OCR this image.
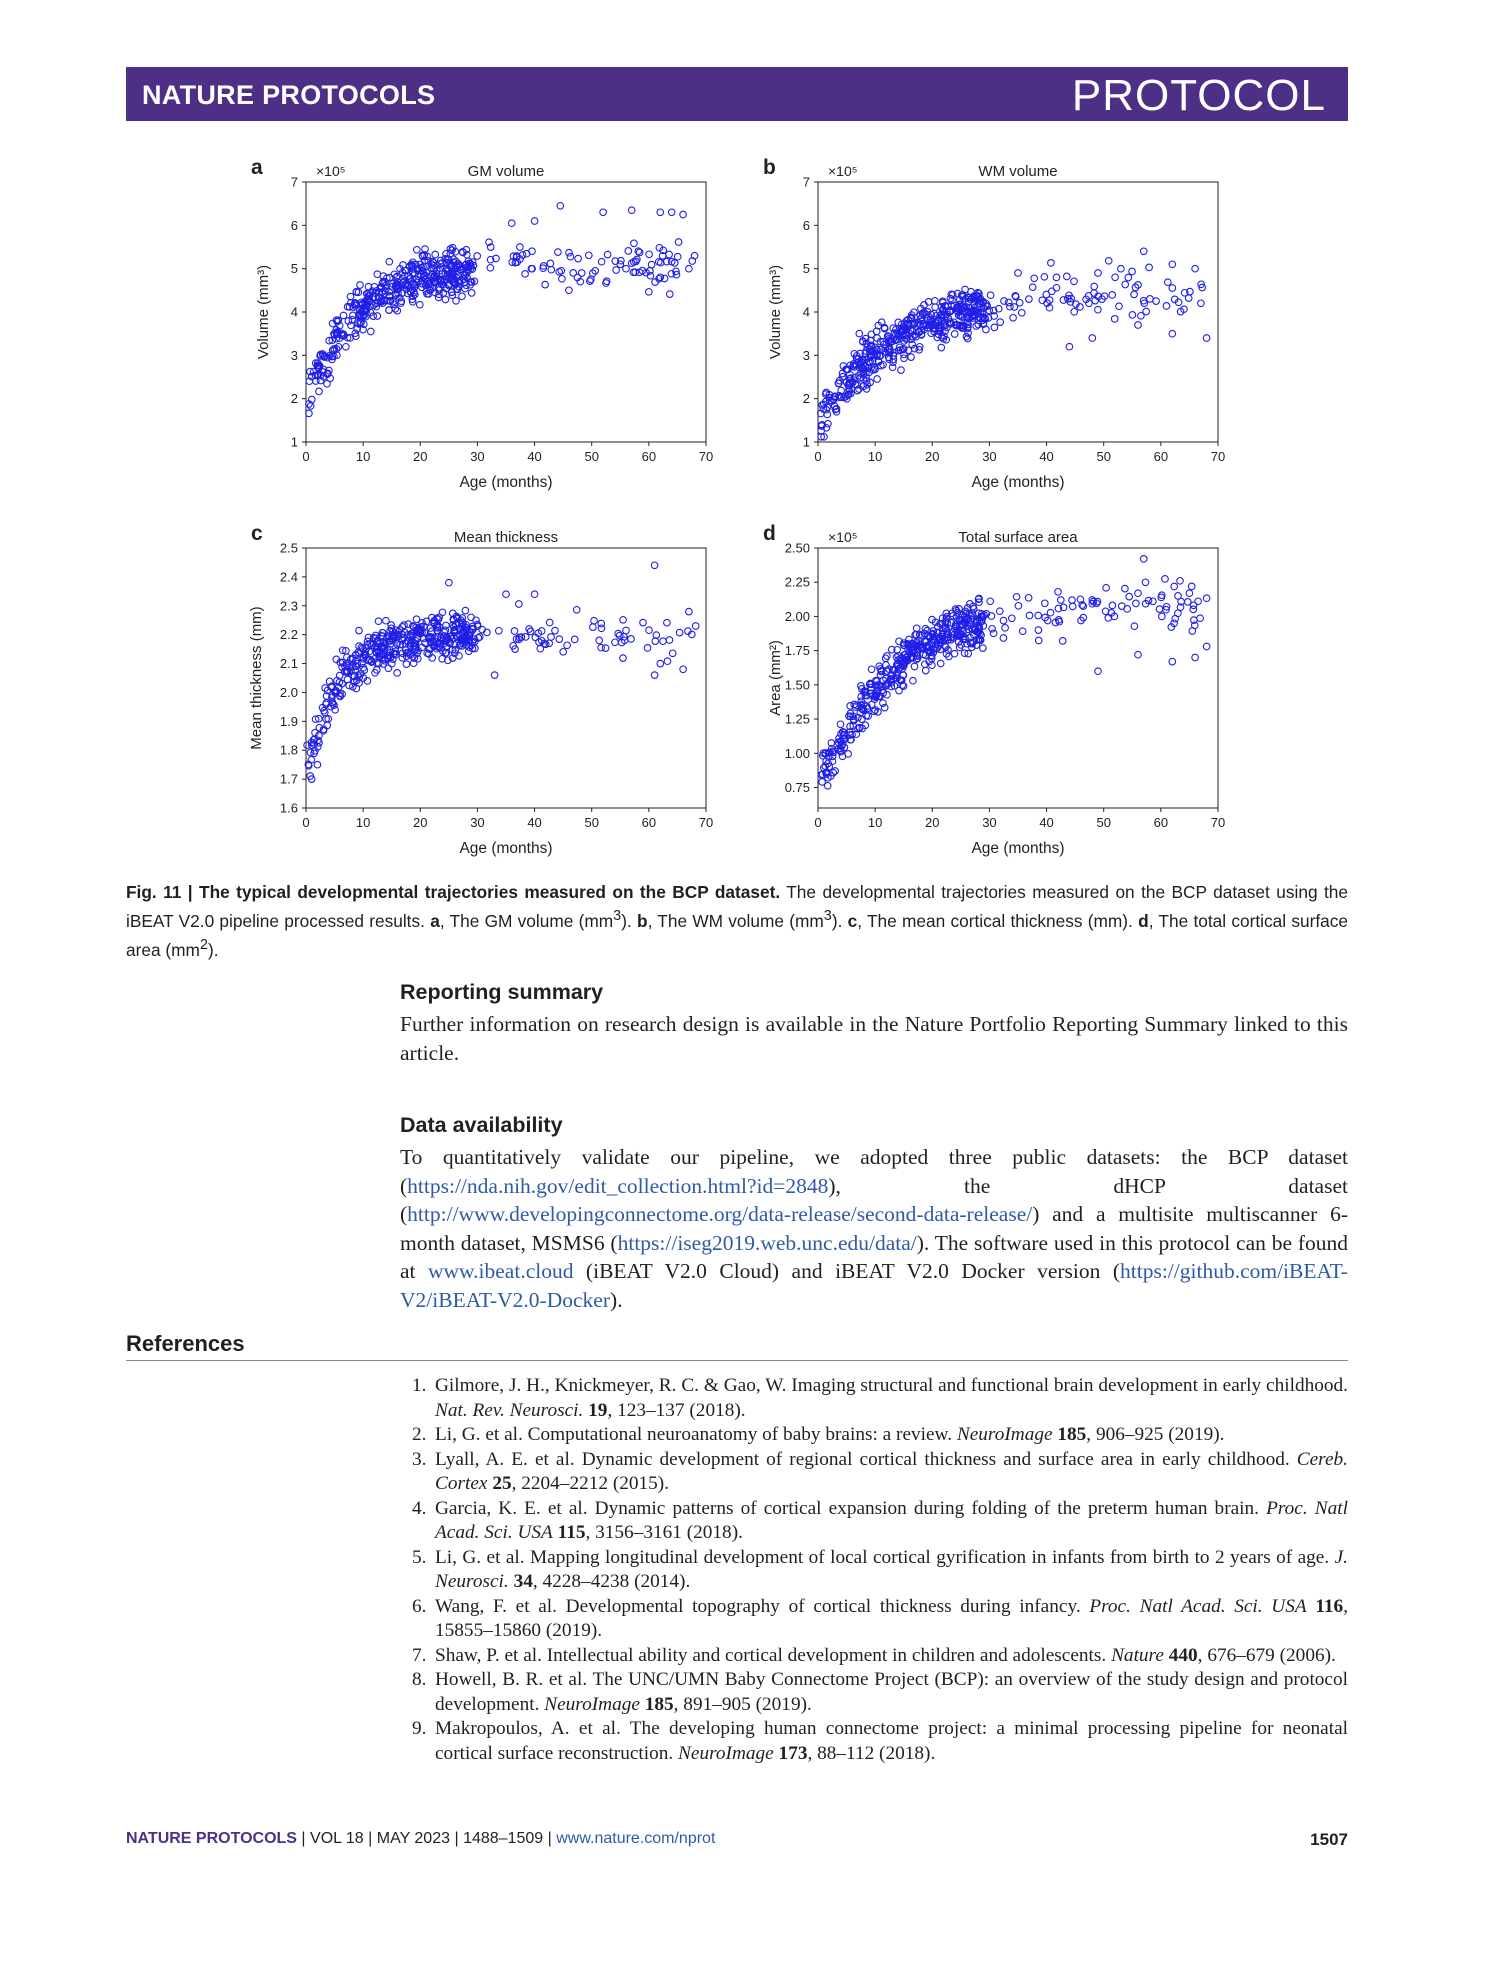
NATURE PROTOCOLS	PROTOCOL
0	10	20	30	40	50	60	70
1
2
3
4
5
6
7
GM volume
Age (months)
Volume (mm³)
a	×10⁵
0	10	20	30	40	50	60	70
1
2
3
4
5
6
7
WM volume
Age (months)
Volume (mm³)
b	×10⁵
0	10	20	30	40	50	60	70
1.6
1.7
1.8
1.9
2.0
2.1
2.2
2.3
2.4
2.5
Mean thickness
Age (months)
Mean thickness (mm)
c
0	10	20	30	40	50	60	70
0.75
1.00
1.25
1.50
1.75
2.00
2.25
2.50
Total surface area
Age (months)
Area (mm²)
d	×10⁵
Fig. 11 | The typical developmental trajectories measured on the BCP dataset. The developmental trajectories measured on the BCP dataset using the iBEAT V2.0 pipeline processed results. a, The GM volume $(mm^3)$. b, The WM volume $(mm^3)$. c, The mean cortical thickness (mm). d, The total cortical surface area $(mm^2)$.
Reporting summary
Further information on research design is available in the Nature Portfolio Reporting Summary linked to this article.
Data availability
To quantitatively validate our pipeline, we adopted three public datasets: the BCP dataset (https://nda.nih.gov/edit_collection.html?id=2848), the dHCP dataset (http://www.developingconnectome.org/data-release/second-data-release/) and a multisite multiscanner 6-month dataset, MSMS6 (https://iseg2019.web.unc.edu/data/). The software used in this protocol can be found at www.ibeat.cloud (iBEAT V2.0 Cloud) and iBEAT V2.0 Docker version (https://github.com/iBEAT-V2/iBEAT-V2.0-Docker).
References
1. Gilmore, J. H., Knickmeyer, R. C. & Gao, W. Imaging structural and functional brain development in early childhood. Nat. Rev. Neurosci. 19, 123–137 (2018).
2. Li, G. et al. Computational neuroanatomy of baby brains: a review. NeuroImage 185, 906–925 (2019).
3. Lyall, A. E. et al. Dynamic development of regional cortical thickness and surface area in early childhood. Cereb. Cortex 25, 2204–2212 (2015).
4. Garcia, K. E. et al. Dynamic patterns of cortical expansion during folding of the preterm human brain. Proc. Natl Acad. Sci. USA 115, 3156–3161 (2018).
5. Li, G. et al. Mapping longitudinal development of local cortical gyrification in infants from birth to 2 years of age. J. Neurosci. 34, 4228–4238 (2014).
6. Wang, F. et al. Developmental topography of cortical thickness during infancy. Proc. Natl Acad. Sci. USA 116, 15855–15860 (2019).
7. Shaw, P. et al. Intellectual ability and cortical development in children and adolescents. Nature 440, 676–679 (2006).
8. Howell, B. R. et al. The UNC/UMN Baby Connectome Project (BCP): an overview of the study design and protocol development. NeuroImage 185, 891–905 (2019).
9. Makropoulos, A. et al. The developing human connectome project: a minimal processing pipeline for neonatal cortical surface reconstruction. NeuroImage 173, 88–112 (2018).
NATURE PROTOCOLS | VOL 18 | MAY 2023 | 1488–1509 | www.nature.com/nprot	1507
